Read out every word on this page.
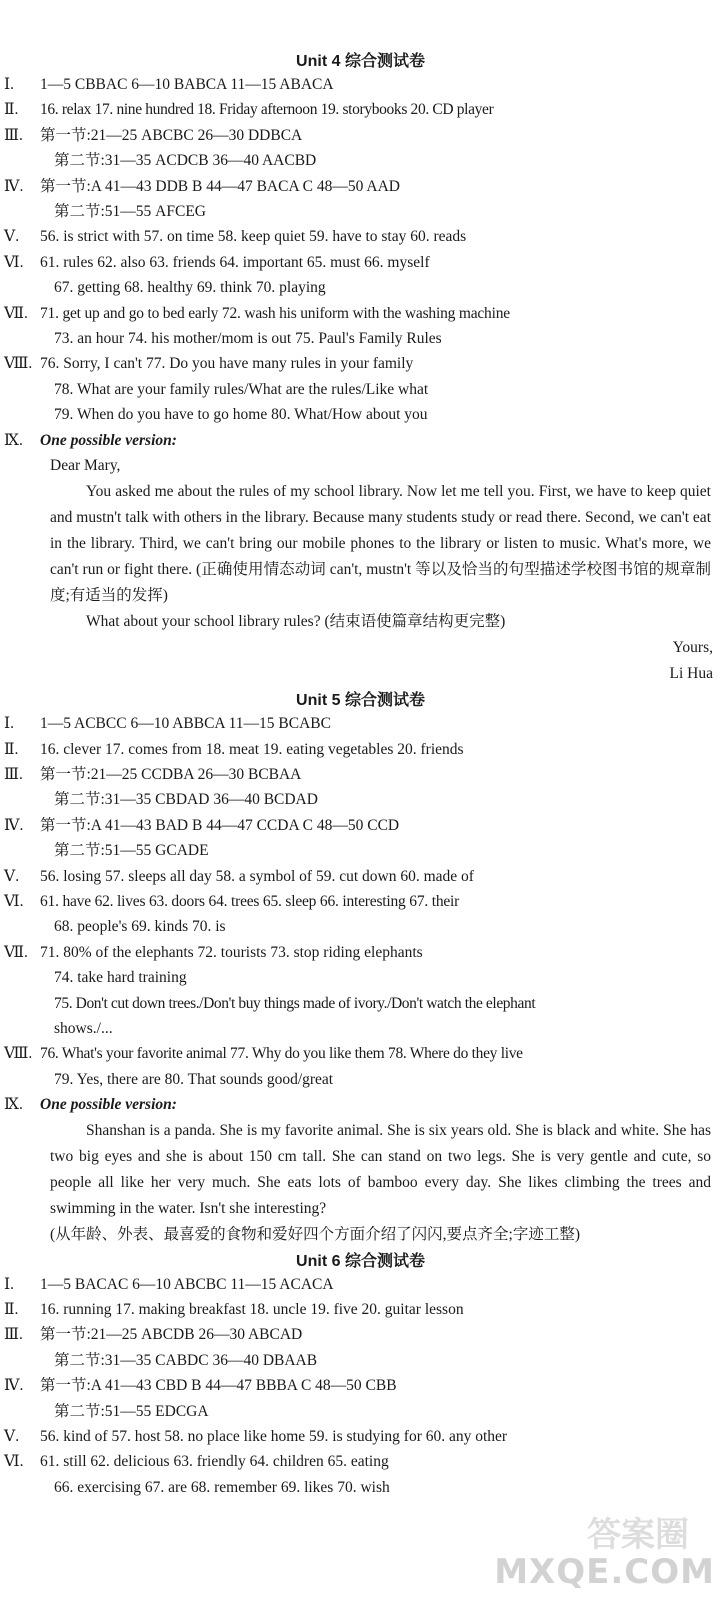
Unit 4 综合测试卷
Ⅰ.	1—5 CBBAC 6—10 BABCA 11—15 ABACA
Ⅱ.	16. relax 17. nine hundred 18. Friday afternoon 19. storybooks 20. CD player
Ⅲ.	第一节:21—25 ABCBC 26—30 DDBCA
第二节:31—35 ACDCB 36—40 AACBD
Ⅳ.	第一节:A 41—43 DDB B 44—47 BACA C 48—50 AAD
第二节:51—55 AFCEG
Ⅴ.	56. is strict with 57. on time 58. keep quiet 59. have to stay 60. reads
Ⅵ.	61. rules 62. also 63. friends 64. important 65. must 66. myself
67. getting 68. healthy 69. think 70. playing
Ⅶ. 71. get up and go to bed early 72. wash his uniform with the washing machine
73. an hour 74. his mother/mom is out 75. Paul's Family Rules
Ⅷ. 76. Sorry, I can't 77. Do you have many rules in your family
78. What are your family rules/What are the rules/Like what
79. When do you have to go home 80. What/How about you
Ⅸ.	One possible version:

Dear Mary,

You asked me about the rules of my school library. Now let me tell you. First, we have to keep quiet and mustn't talk with others in the library. Because many students study or read there. Second, we can't eat in the library. Third, we can't bring our mobile phones to the library or listen to music. What's more, we can't run or fight there. (正确使用情态动词 can't, mustn't 等以及恰当的句型描述学校图书馆的规章制度;有适当的发挥)

What about your school library rules? (结束语使篇章结构更完整)

Yours,
Li Hua
Unit 5 综合测试卷
Ⅰ.	1—5 ACBCC 6—10 ABBCA 11—15 BCABC
Ⅱ.	16. clever 17. comes from 18. meat 19. eating vegetables 20. friends
Ⅲ.	第一节:21—25 CCDBA 26—30 BCBAA
第二节:31—35 CBDAD 36—40 BCDAD
Ⅳ.	第一节:A 41—43 BAD B 44—47 CCDA C 48—50 CCD
第二节:51—55 GCADE
Ⅴ.	56. losing 57. sleeps all day 58. a symbol of 59. cut down 60. made of
Ⅵ.	61. have 62. lives 63. doors 64. trees 65. sleep 66. interesting 67. their
68. people's 69. kinds 70. is
Ⅶ. 71. 80% of the elephants 72. tourists 73. stop riding elephants
74. take hard training
75. Don't cut down trees./Don't buy things made of ivory./Don't watch the elephant
shows./...
Ⅷ. 76. What's your favorite animal 77. Why do you like them 78. Where do they live
79. Yes, there are 80. That sounds good/great
Ⅸ.	One possible version:

Shanshan is a panda. She is my favorite animal. She is six years old. She is black and white. She has two big eyes and she is about 150 cm tall. She can stand on two legs. She is very gentle and cute, so people all like her very much. She eats lots of bamboo every day. She likes climbing the trees and swimming in the water. Isn't she interesting?

(从年龄、外表、最喜爱的食物和爱好四个方面介绍了闪闪,要点齐全;字迹工整)

Unit 6 综合测试卷
Ⅰ.	1—5 BACAC 6—10 ABCBC 11—15 ACACA
Ⅱ.	16. running 17. making breakfast 18. uncle 19. five 20. guitar lesson
Ⅲ.	第一节:21—25 ABCDB 26—30 ABCAD
第二节:31—35 CABDC 36—40 DBAAB
Ⅳ.	第一节:A 41—43 CBD B 44—47 BBBA C 48—50 CBB
第二节:51—55 EDCGA
Ⅴ.	56. kind of 57. host 58. no place like home 59. is studying for 60. any other
Ⅵ.	61. still 62. delicious 63. friendly 64. children 65. eating
66. exercising 67. are 68. remember 69. likes 70. wish
答案圈
MXQE.COM
